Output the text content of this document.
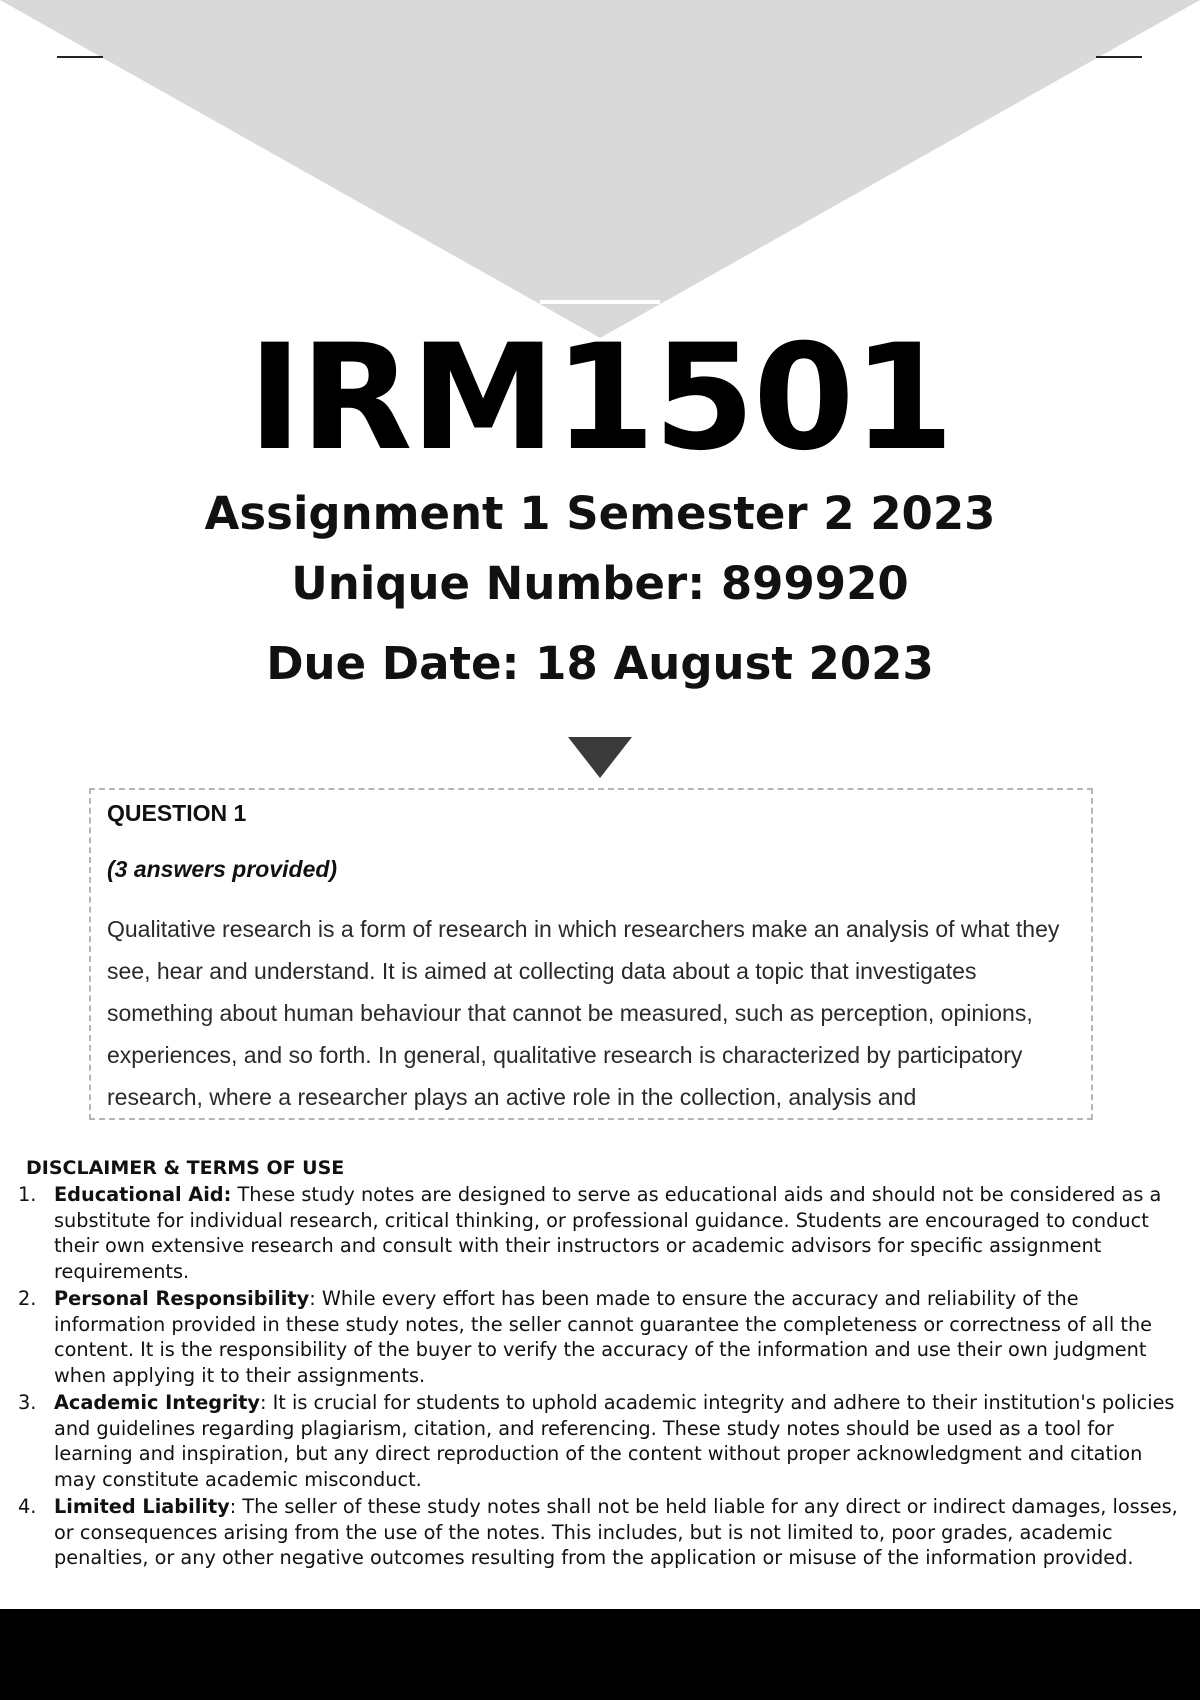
IRM1501
Assignment 1 Semester 2 2023
Unique Number: 899920
Due Date: 18 August 2023
QUESTION 1
(3 answers provided)

Qualitative research is a form of research in which researchers make an analysis of what they see, hear and understand. It is aimed at collecting data about a topic that investigates something about human behaviour that cannot be measured, such as perception, opinions, experiences, and so forth. In general, qualitative research is characterized by participatory research, where a researcher plays an active role in the collection, analysis and

DISCLAIMER & TERMS OF USE
1. Educational Aid: These study notes are designed to serve as educational aids and should not be considered as a substitute for individual research, critical thinking, or professional guidance. Students are encouraged to conduct their own extensive research and consult with their instructors or academic advisors for specific assignment requirements.
2. Personal Responsibility: While every effort has been made to ensure the accuracy and reliability of the information provided in these study notes, the seller cannot guarantee the completeness or correctness of all the content. It is the responsibility of the buyer to verify the accuracy of the information and use their own judgment when applying it to their assignments.
3. Academic Integrity: It is crucial for students to uphold academic integrity and adhere to their institution's policies and guidelines regarding plagiarism, citation, and referencing. These study notes should be used as a tool for learning and inspiration, but any direct reproduction of the content without proper acknowledgment and citation may constitute academic misconduct.
4. Limited Liability: The seller of these study notes shall not be held liable for any direct or indirect damages, losses, or consequences arising from the use of the notes. This includes, but is not limited to, poor grades, academic penalties, or any other negative outcomes resulting from the application or misuse of the information provided.
